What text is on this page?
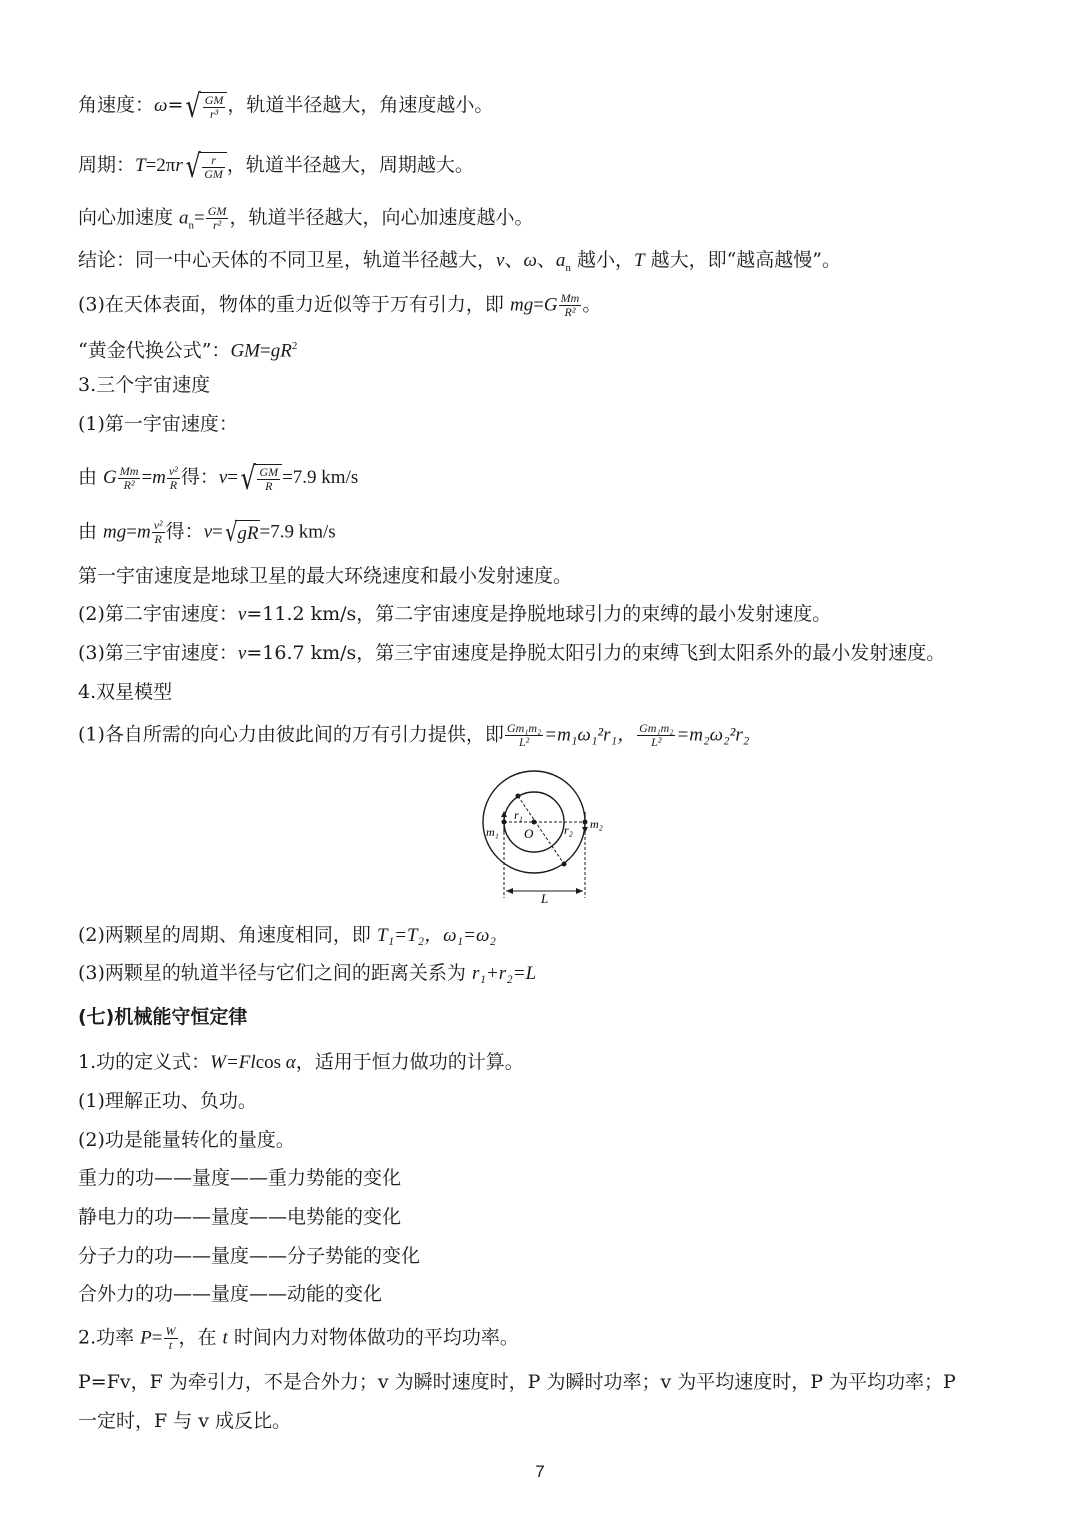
角速度：$\omega=√ \frac{GM}{\text{r³}}$ ，轨道半径越大，角速度越小。
周期：$T=2\pi r√ \frac{r}{GM}$ ，轨道半径越大，周期越大。
向心加速度 $a_n= \frac{GM}{\text{r²}}$ ，轨道半径越大，向心加速度越小。
结论：同一中心天体的不同卫星，轨道半径越大，v、ω、$a_n$ 越小，T 越大，即“越高越慢”。
(3)在天体表面，物体的重力近似等于万有引力，即 $mg=G \frac{Mm}{\text{R²}}$ 。
“黄金代换公式”：$GM=gR^2$
3.三个宇宙速度
(1)第一宇宙速度：
由 G $\frac{Mm}{\text{R²}} =m \frac{\text{v²}}{R}$ 得：$v=√ \frac{GM}{R} =7.9$ km/s
由 $mg=m \frac{\text{v²}}{R}$ 得：v=√gR=7.9 km/s
第一宇宙速度是地球卫星的最大环绕速度和最小发射速度。
(2)第二宇宙速度：v=11.2 km/s，第二宇宙速度是挣脱地球引力的束缚的最小发射速度。
(3)第三宇宙速度：v=16.7 km/s，第三宇宙速度是挣脱太阳引力的束缚飞到太阳系外的最小发射速度。
4.双星模型
(1)各自所需的向心力由彼此间的万有引力提供，即 $\frac{\text{Gm₁m₂}}{\text{L²}} =m_1\omega_1^2r_1$， $\frac{\text{Gm₁m₂}}{\text{L²}} =m_2\omega_2^2r_2$
m₁
m₂
r₁
r₂
O
L
(2)两颗星的周期、角速度相同，即 T₁=T₂，ω₁=ω₂
(3)两颗星的轨道半径与它们之间的距离关系为 r₁+r₂=L
(七)机械能守恒定律
1.功的定义式：W=Flcos α，适用于恒力做功的计算。
(1)理解正功、负功。
(2)功是能量转化的量度。
重力的功——量度——重力势能的变化
静电力的功——量度——电势能的变化
分子力的功——量度——分子势能的变化
合外力的功——量度——动能的变化
2.功率 $P= \frac{W}{t}$ ，在 t 时间内力对物体做功的平均功率。
P=Fv，F 为牵引力，不是合外力；v 为瞬时速度时，P 为瞬时功率；v 为平均速度时，P 为平均功率；P
一定时，F 与 v 成反比。
7
